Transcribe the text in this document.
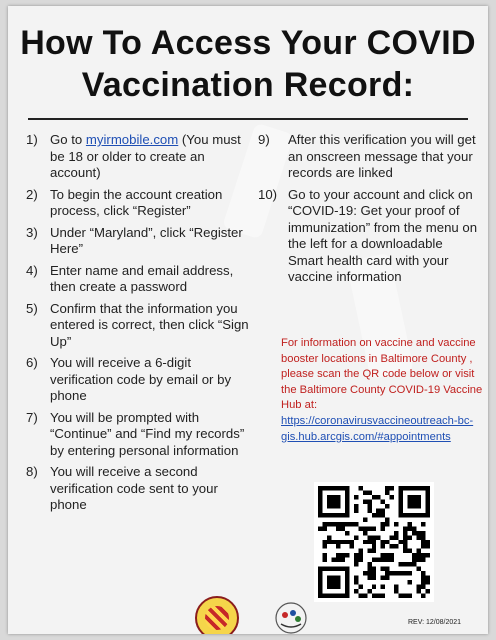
How To Access Your COVID
Vaccination Record:
1) Go to myirmobile.com (You must be 18 or older to create an account)
2) To begin the account creation process, click “Register”
3) Under “Maryland”, click “Register Here”
4) Enter name and email address, then create a password
5) Confirm that the information you entered is correct, then click “Sign Up”
6) You will receive a 6-digit verification code by email or by phone
7) You will be prompted with “Continue” and “Find my records” by entering personal information
8) You will receive a second verification code sent to your phone
9)	After this verification you will get an onscreen message that your records are linked
10) Go to your account and click on “COVID-19: Get your proof of immunization” from the menu on the left for a downloadable Smart health card with your vaccine information
For information on vaccine and vaccine booster locations in Baltimore County , please scan the QR code below or visit the Baltimore County COVID-19 Vaccine Hub at: https://coronavirusvaccineoutreach-bc-gis.hub.arcgis.com/#appointments
REV: 12/08/2021
